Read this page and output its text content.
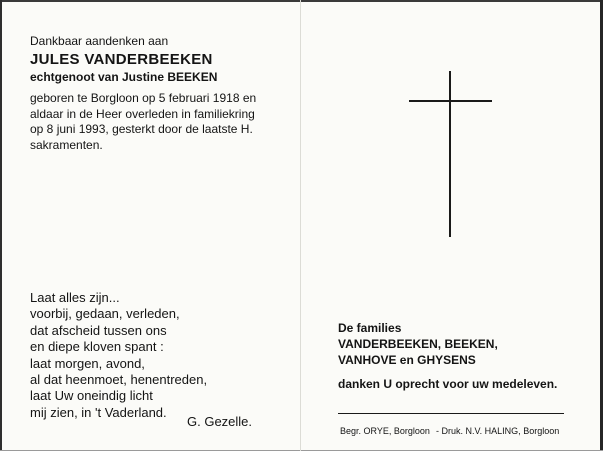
Dankbaar aandenken aan
JULES VANDERBEEKEN
echtgenoot van Justine BEEKEN
geboren te Borgloon op 5 februari 1918 en
aldaar in de Heer overleden in familiekring
op 8 juni 1993, gesterkt door de laatste H.
sakramenten.
Laat alles zijn...
voorbij, gedaan, verleden,
dat afscheid tussen ons
en diepe kloven spant :
laat morgen, avond,
al dat heenmoet, henentreden,
laat Uw oneindig licht
mij zien, in 't Vaderland.
G. Gezelle.
De families
VANDERBEEKEN, BEEKEN,
VANHOVE en GHYSENS
danken U oprecht voor uw medeleven.
Begr. ORYE, Borgloon - Druk. N.V. HALING, Borgloon
